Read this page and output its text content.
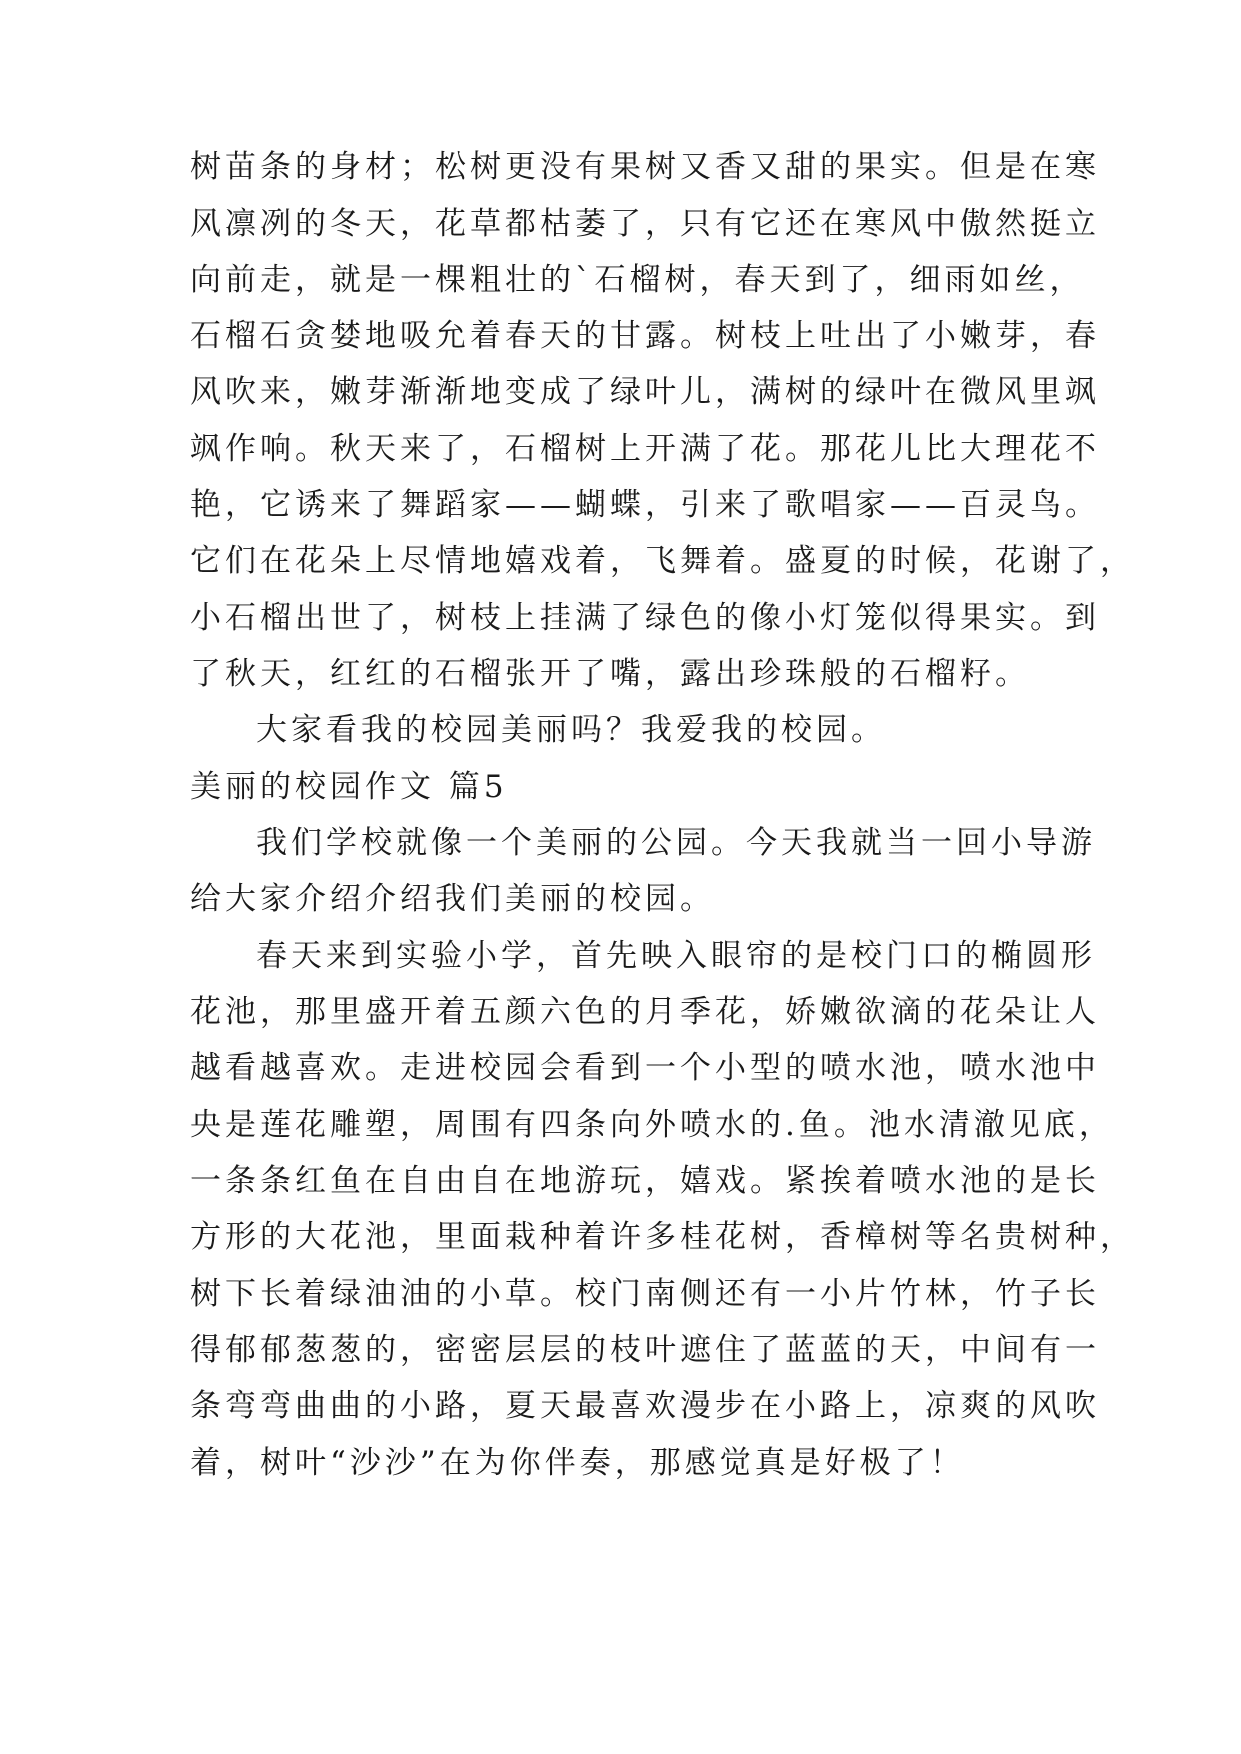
树苗条的身材；松树更没有果树又香又甜的果实。但是在寒
风凛冽的冬天，花草都枯萎了，只有它还在寒风中傲然挺立
向前走，就是一棵粗壮的`石榴树，春天到了，细雨如丝，
石榴石贪婪地吸允着春天的甘露。树枝上吐出了小嫩芽，春
风吹来，嫩芽渐渐地变成了绿叶儿，满树的绿叶在微风里飒
飒作响。秋天来了，石榴树上开满了花。那花儿比大理花不
艳，它诱来了舞蹈家——蝴蝶，引来了歌唱家——百灵鸟。
它们在花朵上尽情地嬉戏着，飞舞着。盛夏的时候，花谢了，
小石榴出世了，树枝上挂满了绿色的像小灯笼似得果实。到
了秋天，红红的石榴张开了嘴，露出珍珠般的石榴籽。
大家看我的校园美丽吗？我爱我的校园。
美丽的校园作文 篇5
我们学校就像一个美丽的公园。今天我就当一回小导游
给大家介绍介绍我们美丽的校园。
春天来到实验小学，首先映入眼帘的是校门口的椭圆形
花池，那里盛开着五颜六色的月季花，娇嫩欲滴的花朵让人
越看越喜欢。走进校园会看到一个小型的喷水池，喷水池中
央是莲花雕塑，周围有四条向外喷水的.鱼。池水清澈见底，
一条条红鱼在自由自在地游玩，嬉戏。紧挨着喷水池的是长
方形的大花池，里面栽种着许多桂花树，香樟树等名贵树种，
树下长着绿油油的小草。校门南侧还有一小片竹林，竹子长
得郁郁葱葱的，密密层层的枝叶遮住了蓝蓝的天，中间有一
条弯弯曲曲的小路，夏天最喜欢漫步在小路上，凉爽的风吹
着，树叶“沙沙”在为你伴奏，那感觉真是好极了！
